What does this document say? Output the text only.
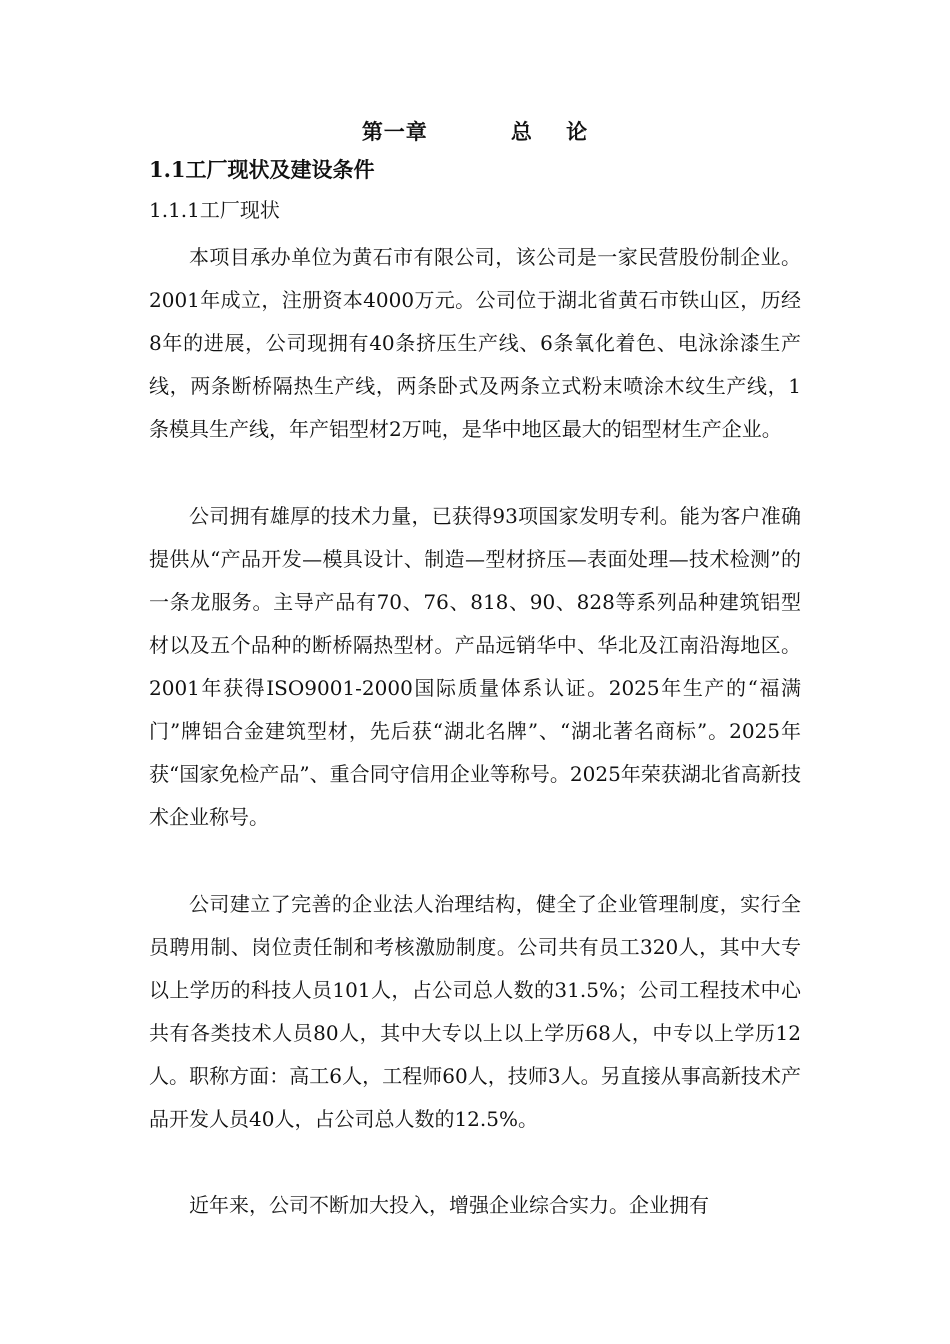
第一章          总    论
1.1工厂现状及建设条件
1.1.1工厂现状

本项目承办单位为黄石市有限公司，该公司是一家民营股份制企业。2001年成立，注册资本4000万元。公司位于湖北省黄石市铁山区，历经8年的进展，公司现拥有40条挤压生产线、6条氧化着色、电泳涂漆生产线，两条断桥隔热生产线，两条卧式及两条立式粉末喷涂木纹生产线，1条模具生产线，年产铝型材2万吨，是华中地区最大的铝型材生产企业。

公司拥有雄厚的技术力量，已获得93项国家发明专利。能为客户准确提供从“产品开发—模具设计、制造—型材挤压—表面处理—技术检测”的一条龙服务。主导产品有70、76、818、90、828等系列品种建筑铝型材以及五个品种的断桥隔热型材。产品远销华中、华北及江南沿海地区。2001年获得ISO9001-2000国际质量体系认证。2025年生产的“福满门”牌铝合金建筑型材，先后获“湖北名牌”、“湖北著名商标”。2025年获“国家免检产品”、重合同守信用企业等称号。2025年荣获湖北省高新技术企业称号。

公司建立了完善的企业法人治理结构，健全了企业管理制度，实行全员聘用制、岗位责任制和考核激励制度。公司共有员工320人，其中大专以上学历的科技人员101人，占公司总人数的31.5%；公司工程技术中心共有各类技术人员80人，其中大专以上以上学历68人，中专以上学历12人。职称方面：高工6人，工程师60人，技师3人。另直接从事高新技术产品开发人员40人，占公司总人数的12.5%。

近年来，公司不断加大投入，增强企业综合实力。企业拥有
